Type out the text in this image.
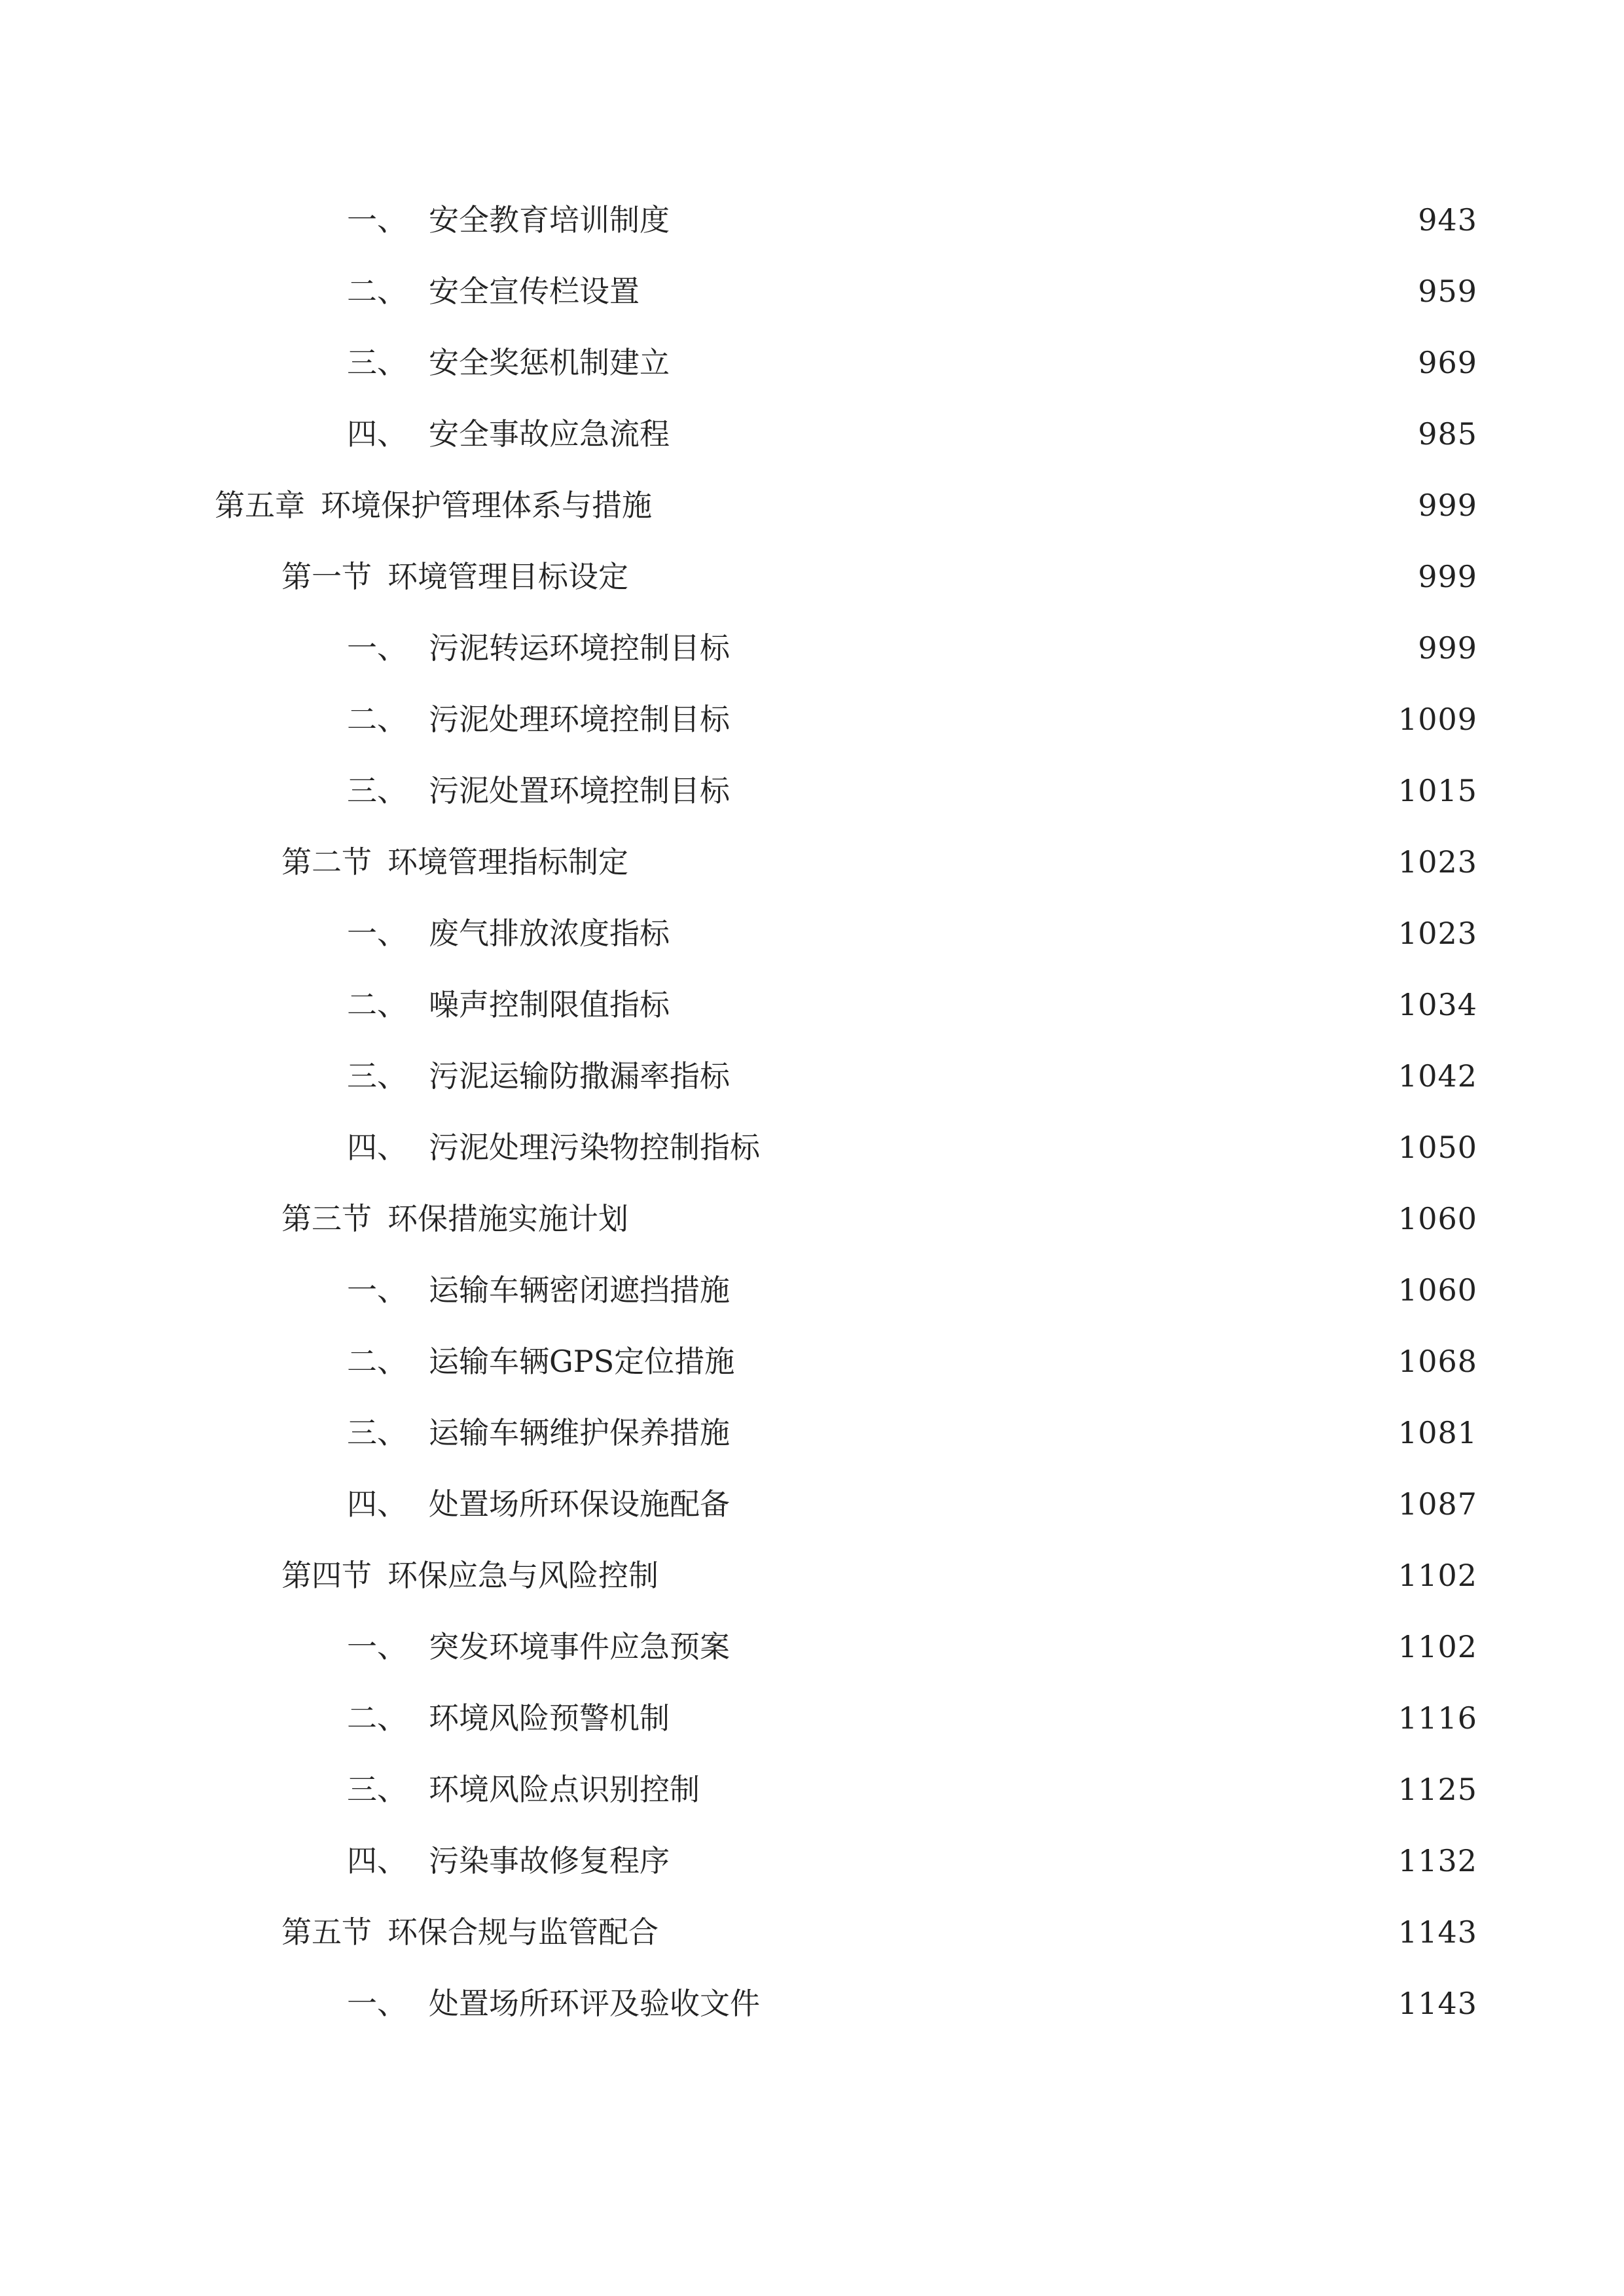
一、 安全教育培训制度	943
二、 安全宣传栏设置	959
三、 安全奖惩机制建立	969
四、 安全事故应急流程	985
第五章 环境保护管理体系与措施	999
第一节 环境管理目标设定	999
一、 污泥转运环境控制目标	999
二、 污泥处理环境控制目标	1009
三、 污泥处置环境控制目标	1015
第二节 环境管理指标制定	1023
一、 废气排放浓度指标	1023
二、 噪声控制限值指标	1034
三、 污泥运输防撒漏率指标	1042
四、 污泥处理污染物控制指标	1050
第三节 环保措施实施计划	1060
一、 运输车辆密闭遮挡措施	1060
二、 运输车辆GPS定位措施	1068
三、 运输车辆维护保养措施	1081
四、 处置场所环保设施配备	1087
第四节 环保应急与风险控制	1102
一、 突发环境事件应急预案	1102
二、 环境风险预警机制	1116
三、 环境风险点识别控制	1125
四、 污染事故修复程序	1132
第五节 环保合规与监管配合	1143
一、 处置场所环评及验收文件	1143
